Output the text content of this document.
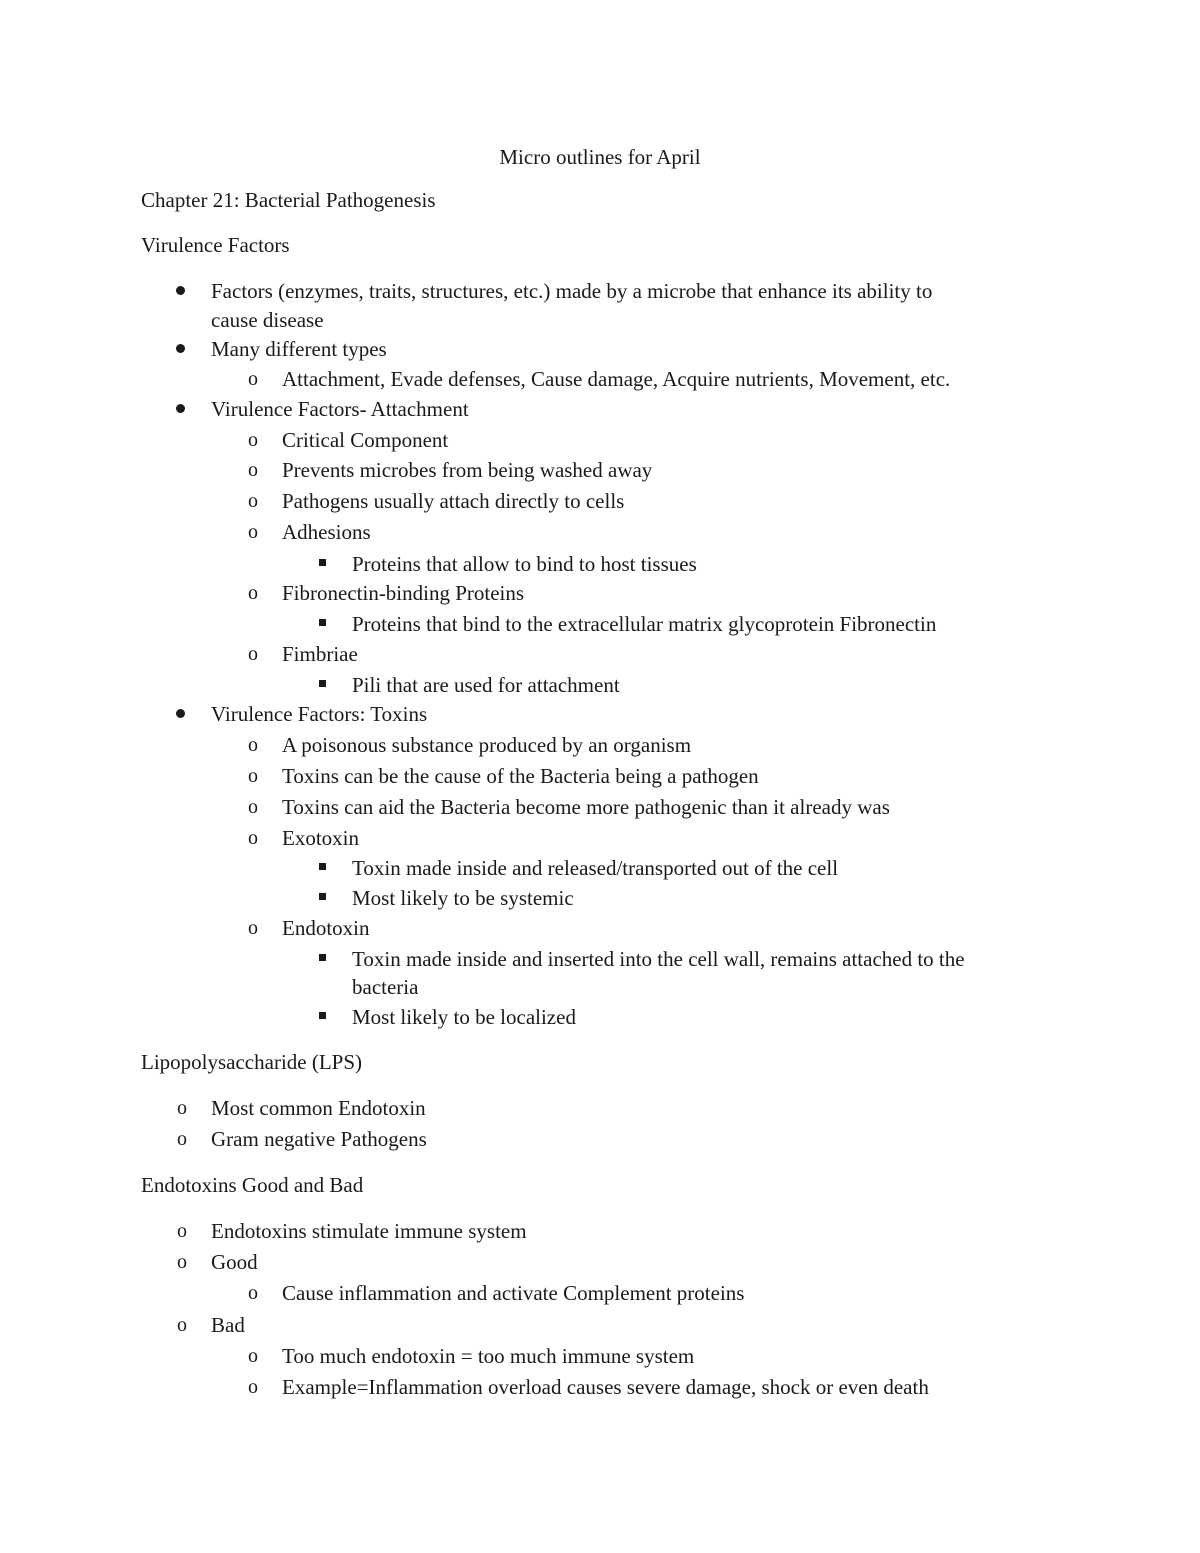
Micro outlines for April
Chapter 21: Bacterial Pathogenesis
Virulence Factors
Factors (enzymes, traits, structures, etc.) made by a microbe that enhance its ability to
cause disease
Many different types
o Attachment, Evade defenses, Cause damage, Acquire nutrients, Movement, etc.
Virulence Factors- Attachment
o Critical Component
o Prevents microbes from being washed away
o Pathogens usually attach directly to cells
o Adhesions
Proteins that allow to bind to host tissues
o Fibronectin-binding Proteins
Proteins that bind to the extracellular matrix glycoprotein Fibronectin
o Fimbriae
Pili that are used for attachment
Virulence Factors: Toxins
o A poisonous substance produced by an organism
o Toxins can be the cause of the Bacteria being a pathogen
o Toxins can aid the Bacteria become more pathogenic than it already was
o Exotoxin
Toxin made inside and released/transported out of the cell
Most likely to be systemic
o Endotoxin
Toxin made inside and inserted into the cell wall, remains attached to the
bacteria
Most likely to be localized
Lipopolysaccharide (LPS)
o Most common Endotoxin
o Gram negative Pathogens
Endotoxins Good and Bad
o Endotoxins stimulate immune system
o Good
o Cause inflammation and activate Complement proteins
o Bad
o Too much endotoxin = too much immune system
o Example=Inflammation overload causes severe damage, shock or even death
